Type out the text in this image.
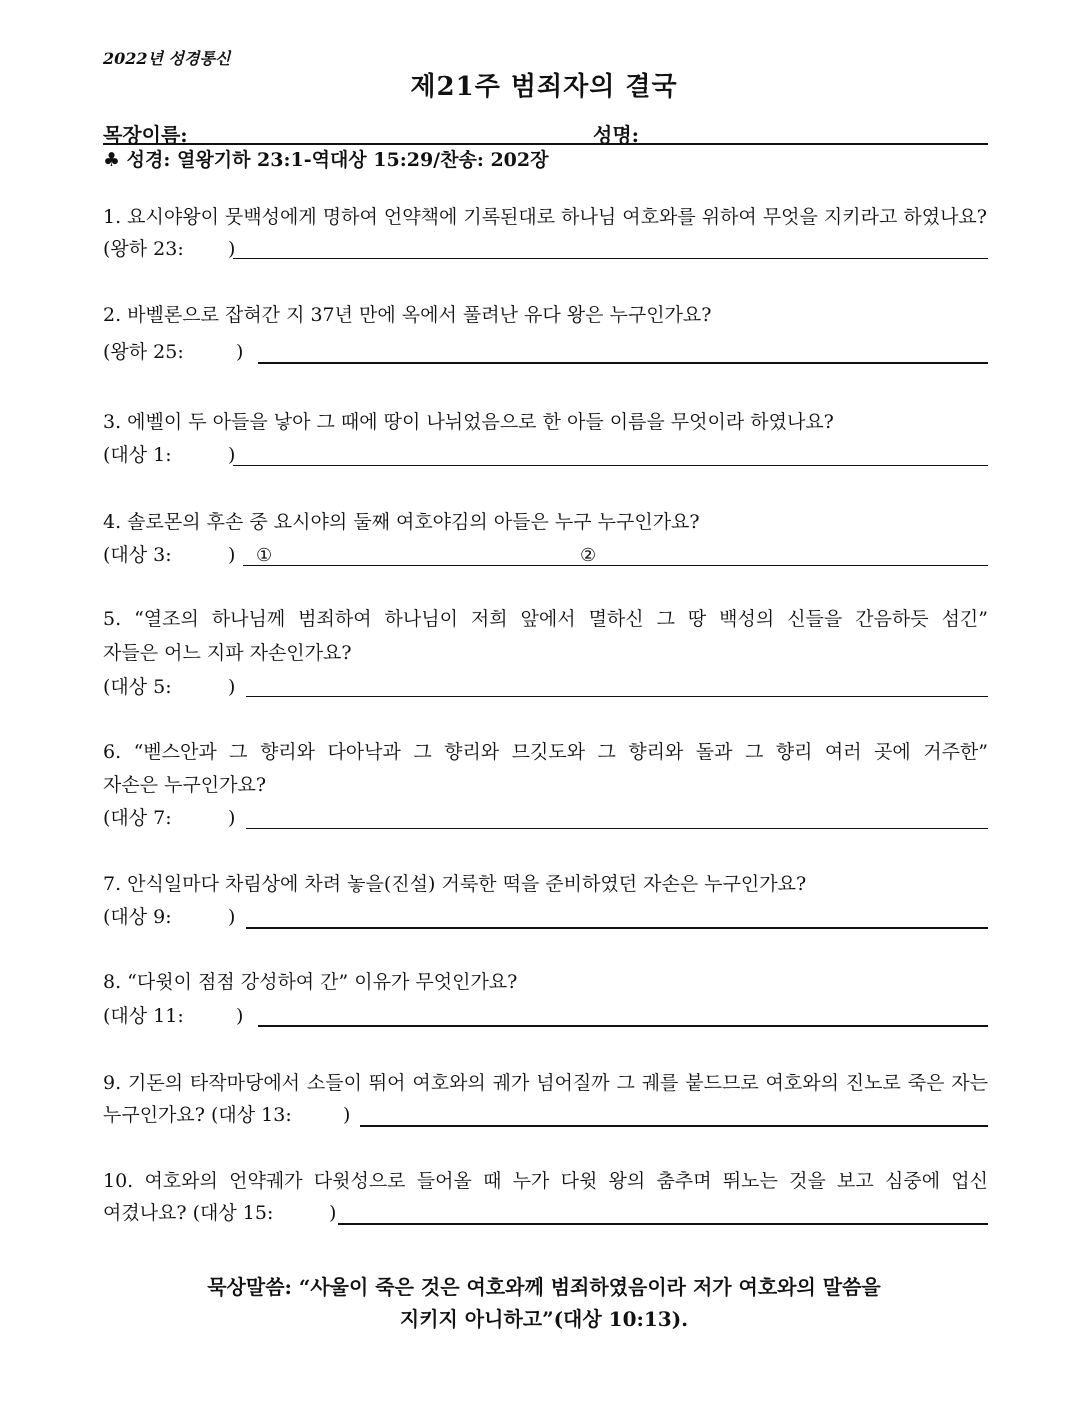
2022년 성경통신
제21주 범죄자의 결국
목장이름:	성명:
♣ 성경: 열왕기하 23:1-역대상 15:29/찬송: 202장
1. 요시야왕이 뭇백성에게 명하여 언약책에 기록된대로 하나님 여호와를 위하여 무엇을 지키라고 하였나요?
(왕하 23: )
2. 바벨론으로 잡혀간 지 37년 만에 옥에서 풀려난 유다 왕은 누구인가요?
(왕하 25:	)
3. 에벨이 두 아들을 낳아 그 때에 땅이 나뉘었음으로 한 아들 이름을 무엇이라 하였나요?
(대상 1:	)
4. 솔로몬의 후손 중 요시야의 둘째 여호야김의 아들은 누구 누구인가요?
(대상 3:	) ①	②
5. “열조의 하나님께 범죄하여 하나님이 저희 앞에서 멸하신 그 땅 백성의 신들을 간음하듯 섬긴”
자들은 어느 지파 자손인가요?
(대상 5:	)
6. “벧스안과 그 향리와 다아낙과 그 향리와 므깃도와 그 향리와 돌과 그 향리 여러 곳에 거주한”
자손은 누구인가요?
(대상 7:	)
7. 안식일마다 차림상에 차려 놓을(진설) 거룩한 떡을 준비하였던 자손은 누구인가요?
(대상 9:	)
8. “다윗이 점점 강성하여 간” 이유가 무엇인가요?
(대상 11:	)
9. 기돈의 타작마당에서 소들이 뛰어 여호와의 궤가 넘어질까 그 궤를 붙드므로 여호와의 진노로 죽은 자는
누구인가요? (대상 13:	)
10. 여호와의 언약궤가 다윗성으로 들어올 때 누가 다윗 왕의 춤추며 뛰노는 것을 보고 심중에 업신
여겼나요? (대상 15:	)
묵상말씀: “사울이 죽은 것은 여호와께 범죄하였음이라 저가 여호와의 말씀을
지키지 아니하고”(대상 10:13).
